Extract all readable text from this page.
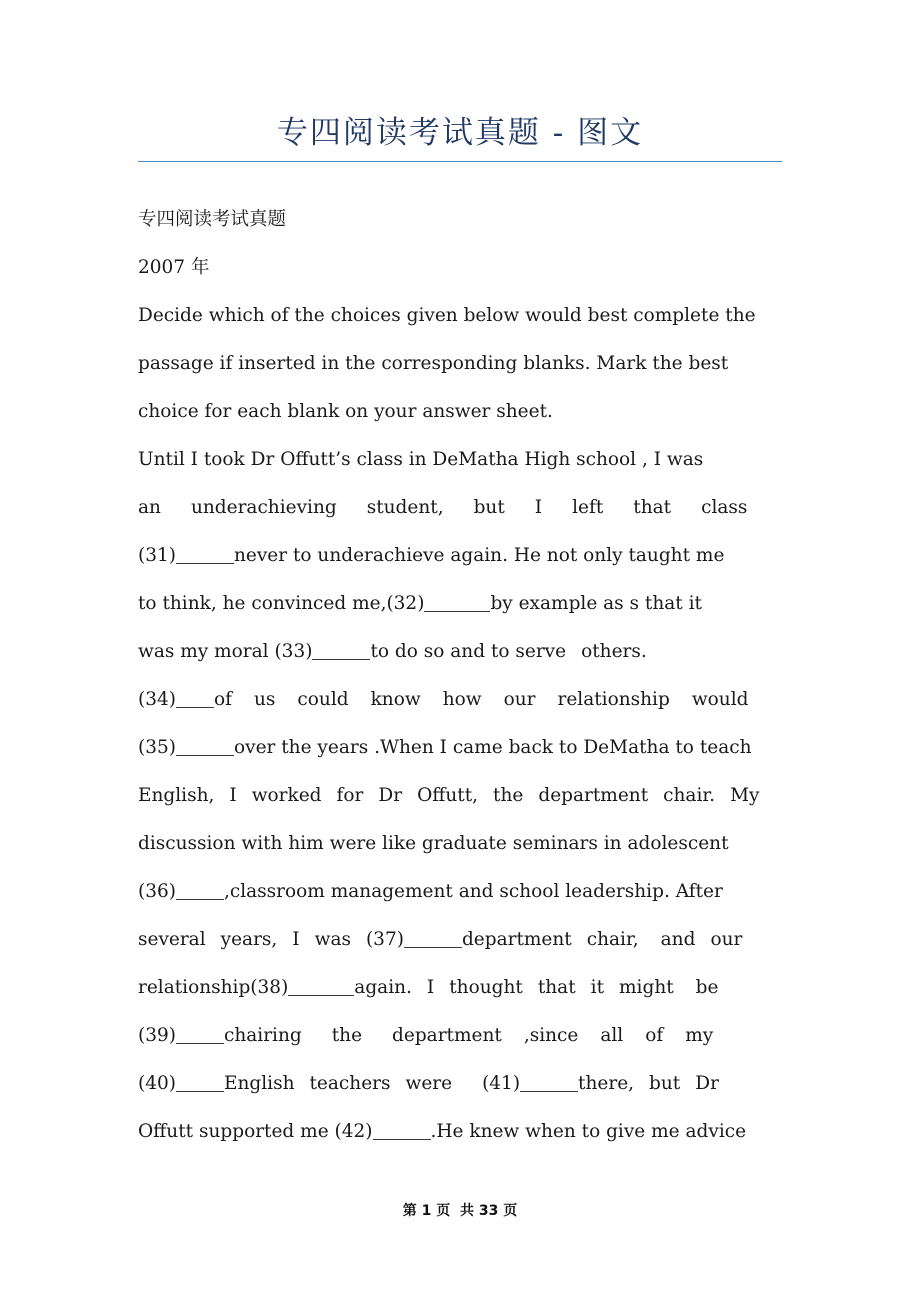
专四阅读考试真题 - 图文
专四阅读考试真题
2007 年
Decide which of the choices given below would best complete the
passage if inserted in the corresponding blanks. Mark the best
choice for each blank on your answer sheet.
Until I took Dr Offutt’s class in DeMatha High school , I was
an underachieving student, but I left that class
(31)	never to underachieve again. He not only taught me
to think, he convinced me,(32)	by example as s that it
was my moral (33)	to do so and to serve others.
(34) of us could know how our relationship would
(35)	over the years .When I came back to DeMatha to teach
English, I worked for Dr Offutt, the department chair. My
discussion with him were like graduate seminars in adolescent
(36)	,classroom management and school leadership. After
several years, I was (37)	department chair, and our
relationship(38)	again. I thought that it might be
(39)	chairing the department ,since all of my
(40)	English teachers were (41)	there, but Dr
Offutt supported me (42)	.He knew when to give me advice
第 1 页  共 33 页
